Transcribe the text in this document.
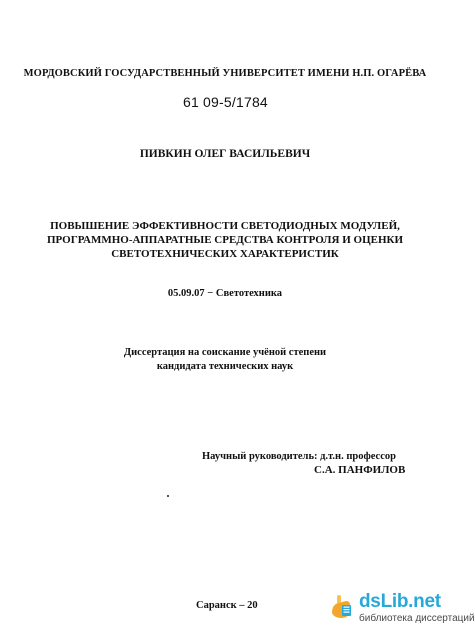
МОРДОВСКИЙ ГОСУДАРСТВЕННЫЙ УНИВЕРСИТЕТ ИМЕНИ Н.П. ОГАРЁВА
61 09-5/1784
ПИВКИН ОЛЕГ ВАСИЛЬЕВИЧ
ПОВЫШЕНИЕ ЭФФЕКТИВНОСТИ СВЕТОДИОДНЫХ МОДУЛЕЙ,
ПРОГРАММНО-АППАРАТНЫЕ СРЕДСТВА КОНТРОЛЯ И ОЦЕНКИ
СВЕТОТЕХНИЧЕСКИХ ХАРАКТЕРИСТИК
05.09.07 − Светотехника
Диссертация на соискание учёной степени
кандидата технических наук
Научный руководитель: д.т.н. профессор
С.А. ПАНФИЛОВ
Саранск – 20	dsLib.net
библиотека диссертаций
